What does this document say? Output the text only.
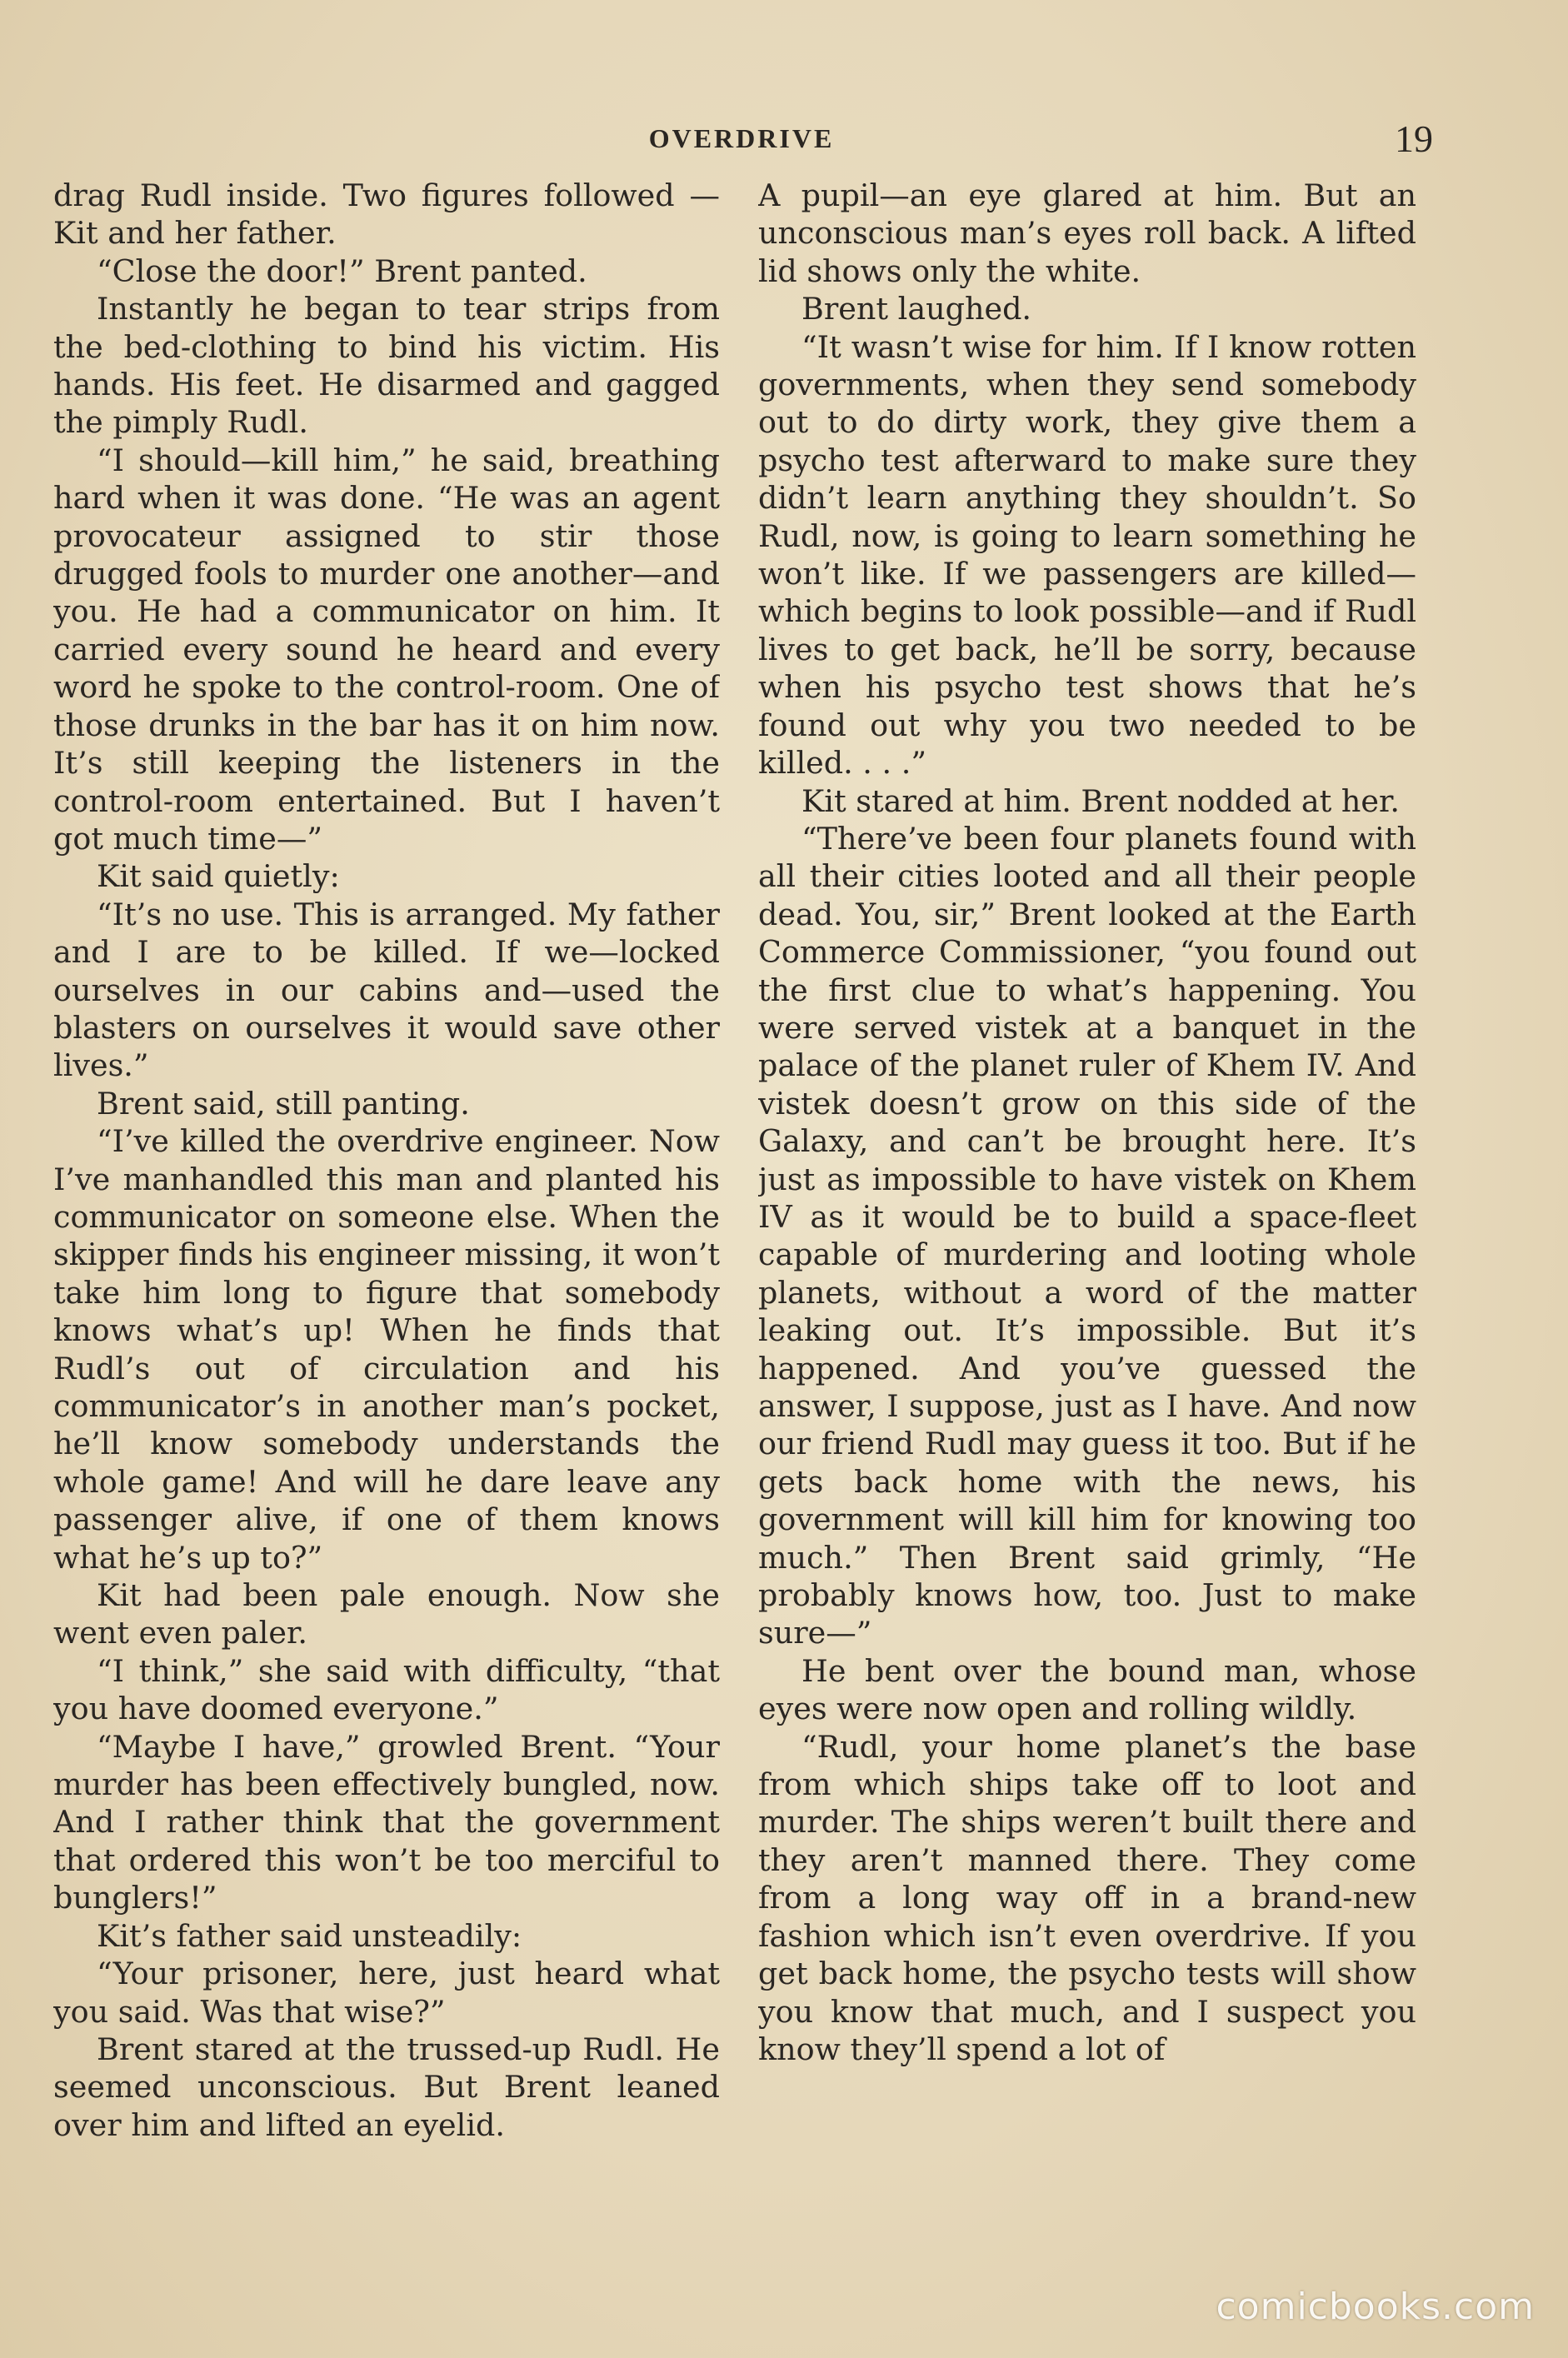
OVERDRIVE	19

drag Rudl inside. Two figures followed —Kit and her father.

“Close the door!” Brent panted.

Instantly he began to tear strips from the bed-clothing to bind his victim. His hands. His feet. He disarmed and gagged the pimply Rudl.

“I should—kill him,” he said, breathing hard when it was done. “He was an agent provocateur assigned to stir those drugged fools to murder one another—and you. He had a communicator on him. It carried every sound he heard and every word he spoke to the control-room. One of those drunks in the bar has it on him now. It’s still keeping the listeners in the control-room entertained. But I haven’t got much time—”

Kit said quietly:

“It’s no use. This is arranged. My father and I are to be killed. If we—locked ourselves in our cabins and—used the blasters on ourselves it would save other lives.”

Brent said, still panting.

“I’ve killed the overdrive engineer. Now I’ve manhandled this man and planted his communicator on someone else. When the skipper finds his engineer missing, it won’t take him long to figure that somebody knows what’s up! When he finds that Rudl’s out of circulation and his communicator’s in another man’s pocket, he’ll know somebody understands the whole game! And will he dare leave any passenger alive, if one of them knows what he’s up to?”

Kit had been pale enough. Now she went even paler.

“I think,” she said with difficulty, “that you have doomed everyone.”

“Maybe I have,” growled Brent. “Your murder has been effectively bungled, now. And I rather think that the government that ordered this won’t be too merciful to bunglers!”

Kit’s father said unsteadily:

“Your prisoner, here, just heard what you said. Was that wise?”

Brent stared at the trussed-up Rudl. He seemed unconscious. But Brent leaned over him and lifted an eyelid.

A pupil—an eye glared at him. But an unconscious man’s eyes roll back. A lifted lid shows only the white.

Brent laughed.

“It wasn’t wise for him. If I know rotten governments, when they send somebody out to do dirty work, they give them a psycho test afterward to make sure they didn’t learn anything they shouldn’t. So Rudl, now, is going to learn something he won’t like. If we passengers are killed—which begins to look possible—and if Rudl lives to get back, he’ll be sorry, because when his psycho test shows that he’s found out why you two needed to be killed. . . .”

Kit stared at him. Brent nodded at her.

“There’ve been four planets found with all their cities looted and all their people dead. You, sir,” Brent looked at the Earth Commerce Commissioner, “you found out the first clue to what’s happening. You were served vistek at a banquet in the palace of the planet ruler of Khem IV. And vistek doesn’t grow on this side of the Galaxy, and can’t be brought here. It’s just as impossible to have vistek on Khem IV as it would be to build a space-fleet capable of murdering and looting whole planets, without a word of the matter leaking out. It’s impossible. But it’s happened. And you’ve guessed the answer, I suppose, just as I have. And now our friend Rudl may guess it too. But if he gets back home with the news, his government will kill him for knowing too much.” Then Brent said grimly, “He probably knows how, too. Just to make sure—”

He bent over the bound man, whose eyes were now open and rolling wildly.

“Rudl, your home planet’s the base from which ships take off to loot and murder. The ships weren’t built there and they aren’t manned there. They come from a long way off in a brand-new fashion which isn’t even overdrive. If you get back home, the psycho tests will show you know that much, and I suspect you know they’ll spend a lot of

comicbooks.com
